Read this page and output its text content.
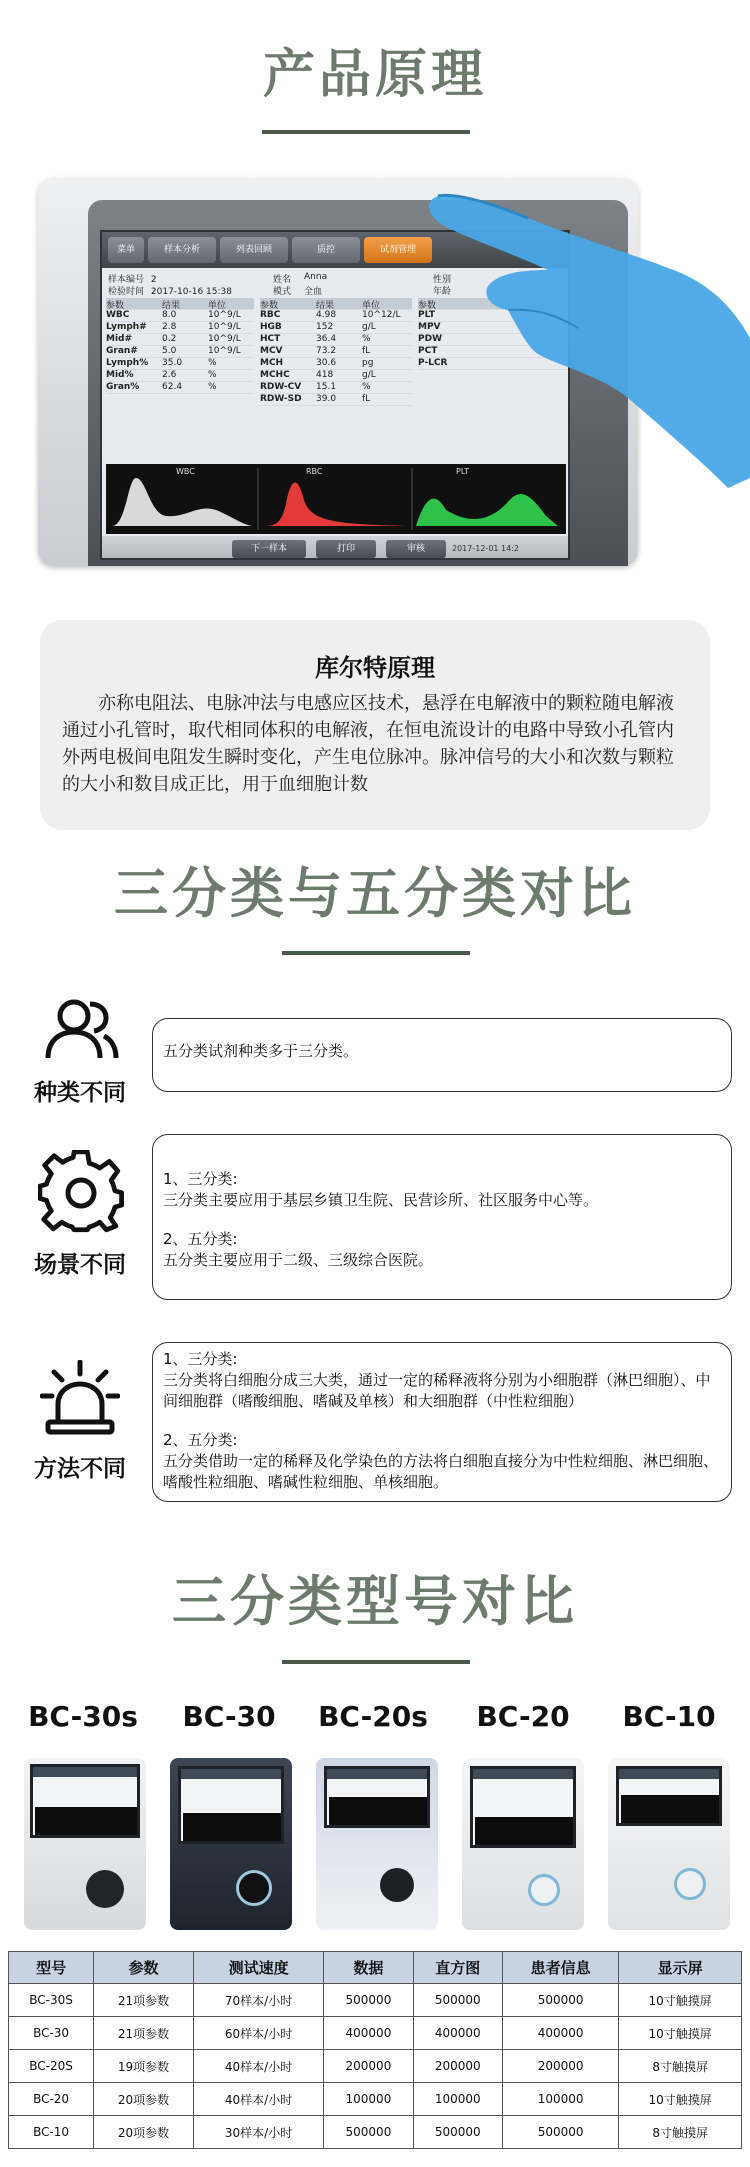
产品原理
菜单	样本分析	列表回顾	质控	试剂管理
样本编号 2	姓名 Anna	性别
检验时间 2017-10-16 15:38	模式 全血	年龄
参数	结果	单位
WBC	8.0	10^9/L
Lymph# 2.8	10^9/L
Mid#	0.2	10^9/L
Gran#	5.0	10^9/L
Lymph% 35.0	%
Mid%	2.6	%
Gran%	62.4	%
参数	结果	单位
RBC	4.98	10^12/L
HGB	152	g/L
HCT	36.4	%
MCV	73.2	fL
MCH	30.6	pg
MCHC	418	g/L
RDW-CV 15.1	%
RDW-SD 39.0	fL
参数
PLT
MPV
PDW
PCT
P-LCR
WBC	RBC	PLT
下一样本	打印	审核	2017-12-01 14:2
库尔特原理
亦称电阻法、电脉冲法与电感应区技术，悬浮在电解液中的颗粒随电解液通过小孔管时，取代相同体积的电解液，在恒电流设计的电路中导致小孔管内外两电极间电阻发生瞬时变化，产生电位脉冲。脉冲信号的大小和次数与颗粒的大小和数目成正比，用于血细胞计数
三分类与五分类对比
种类不同

五分类试剂种类多于三分类。

场景不同

1、三分类:

三分类主要应用于基层乡镇卫生院、民营诊所、社区服务中心等。

2、五分类:

五分类主要应用于二级、三级综合医院。

方法不同

1、三分类:

三分类将白细胞分成三大类，通过一定的稀释液将分别为小细胞群（淋巴细胞）、中间细胞群（嗜酸细胞、嗜碱及单核）和大细胞群（中性粒细胞）

2、五分类:

五分类借助一定的稀释及化学染色的方法将白细胞直接分为中性粒细胞、淋巴细胞、嗜酸性粒细胞、嗜碱性粒细胞、单核细胞。

三分类型号对比
BC-30s	BC-30	BC-20s	BC-20	BC-10
型号	参数	测试速度	数据	直方图	患者信息	显示屏
BC-30S	21项参数	70样本/小时	500000	500000	500000	10寸触摸屏
BC-30	21项参数	60样本/小时	400000	400000	400000	10寸触摸屏
BC-20S	19项参数	40样本/小时	200000	200000	200000	8寸触摸屏
BC-20	20项参数	40样本/小时	100000	100000	100000	10寸触摸屏
BC-10	20项参数	30样本/小时	500000	500000	500000	8寸触摸屏
